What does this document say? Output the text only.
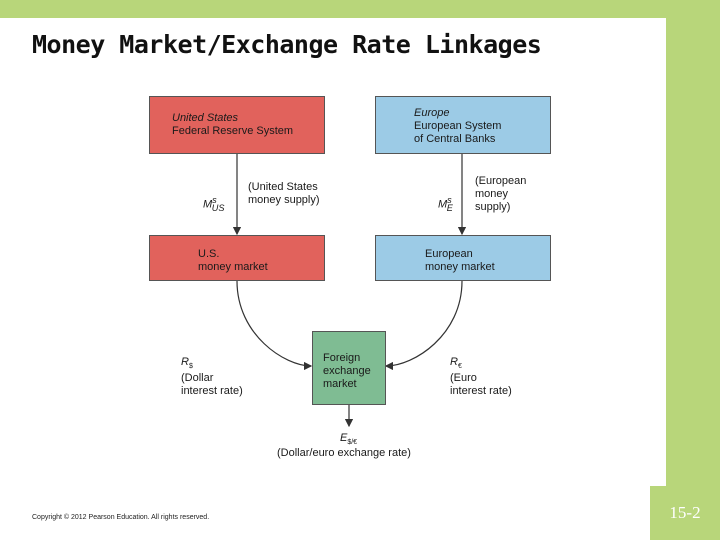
15-2
Money Market/Exchange Rate Linkages
United States
Federal Reserve System
Europe
European System
of Central Banks

$M^s_{US}$

(United States
money supply)	$M^s_E$

(European
money
supply)
U.S.
money market
European
money market
Foreign
exchange
market
$R_{\$}$
(Dollar
interest rate)
$R_€$
(Euro
interest rate)
$E_{\$/€}$
(Dollar/euro exchange rate)
Copyright © 2012 Pearson Education. All rights reserved.
